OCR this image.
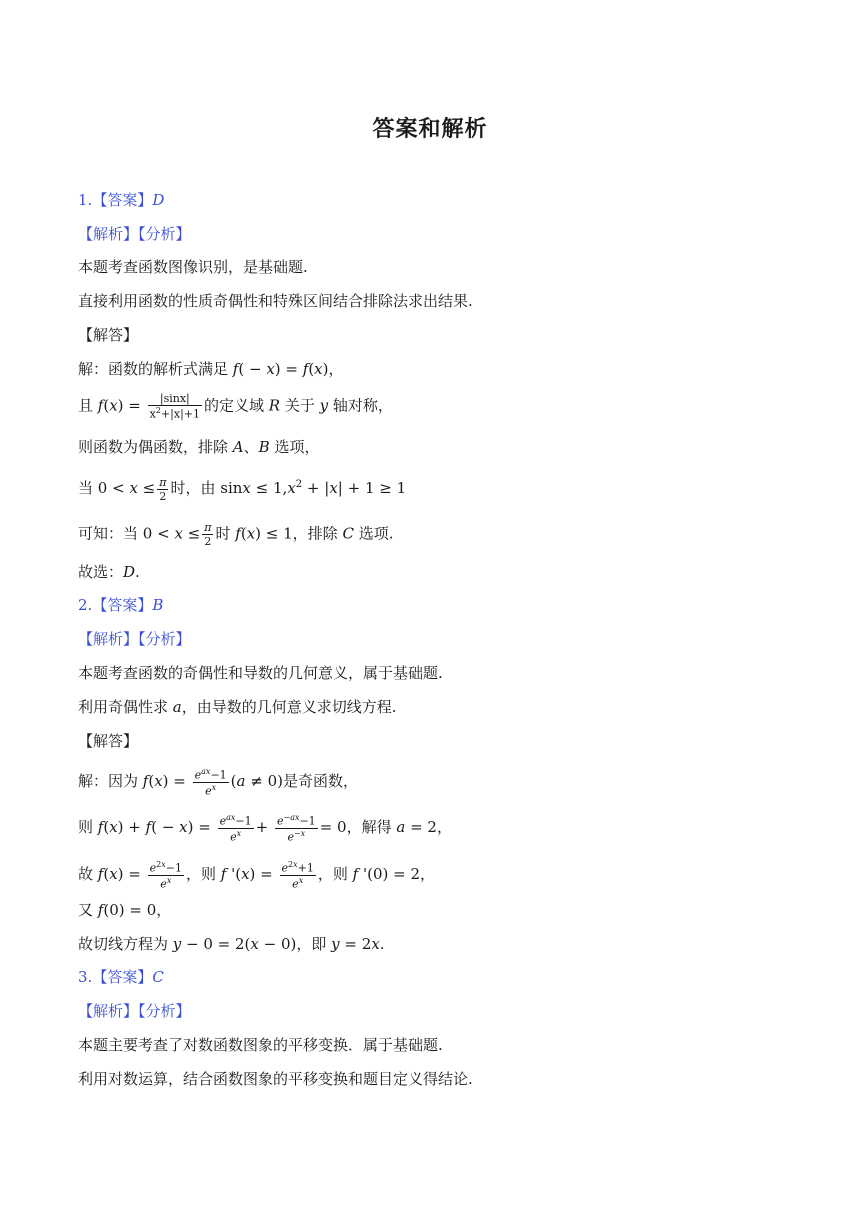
答案和解析
1.【答案】D
【解析】【分析】
本题考查函数图像识别，是基础题.
直接利用函数的性质奇偶性和特殊区间结合排除法求出结果.
【解答】
解：函数的解析式满足 f( − x) = f(x)，
且 $f(x) = \frac{|\sin x|}{x^2+|x|+1}$ 的定义域 R 关于 y 轴对称，
则函数为偶函数，排除 A、B 选项，
当 $0 < x \le \frac{\pi}{2}$ 时，由 $\sin x \le 1,x^2 + |x| + 1 \ge 1$
可知：当 $0 < x \le \frac{\pi}{2}$ 时 f(x) ≤ 1，排除 C 选项.
故选：D.
2.【答案】B
【解析】【分析】
本题考查函数的奇偶性和导数的几何意义，属于基础题.
利用奇偶性求 a，由导数的几何意义求切线方程.
【解答】
解：因为 $f(x) = \frac{e^{ax}-1}{e^x} (a \ne 0)$是奇函数，
则 $f(x) + f( - x) = \frac{e^{ax}-1}{e^x} + \frac{e^{-ax}-1}{e^{-x}} = 0$，解得 a = 2，
故 $f(x) = \frac{e^{2x}-1}{e^x}$ ，则 f '$(x) = \frac{e^{2x}+1}{e^x}$ ，则 f '(0) = 2，
又 f(0) = 0，
故切线方程为 y − 0 = 2(x − 0)，即 y = 2x.
3.【答案】C
【解析】【分析】
本题主要考查了对数函数图象的平移变换．属于基础题.
利用对数运算，结合函数图象的平移变换和题目定义得结论.
